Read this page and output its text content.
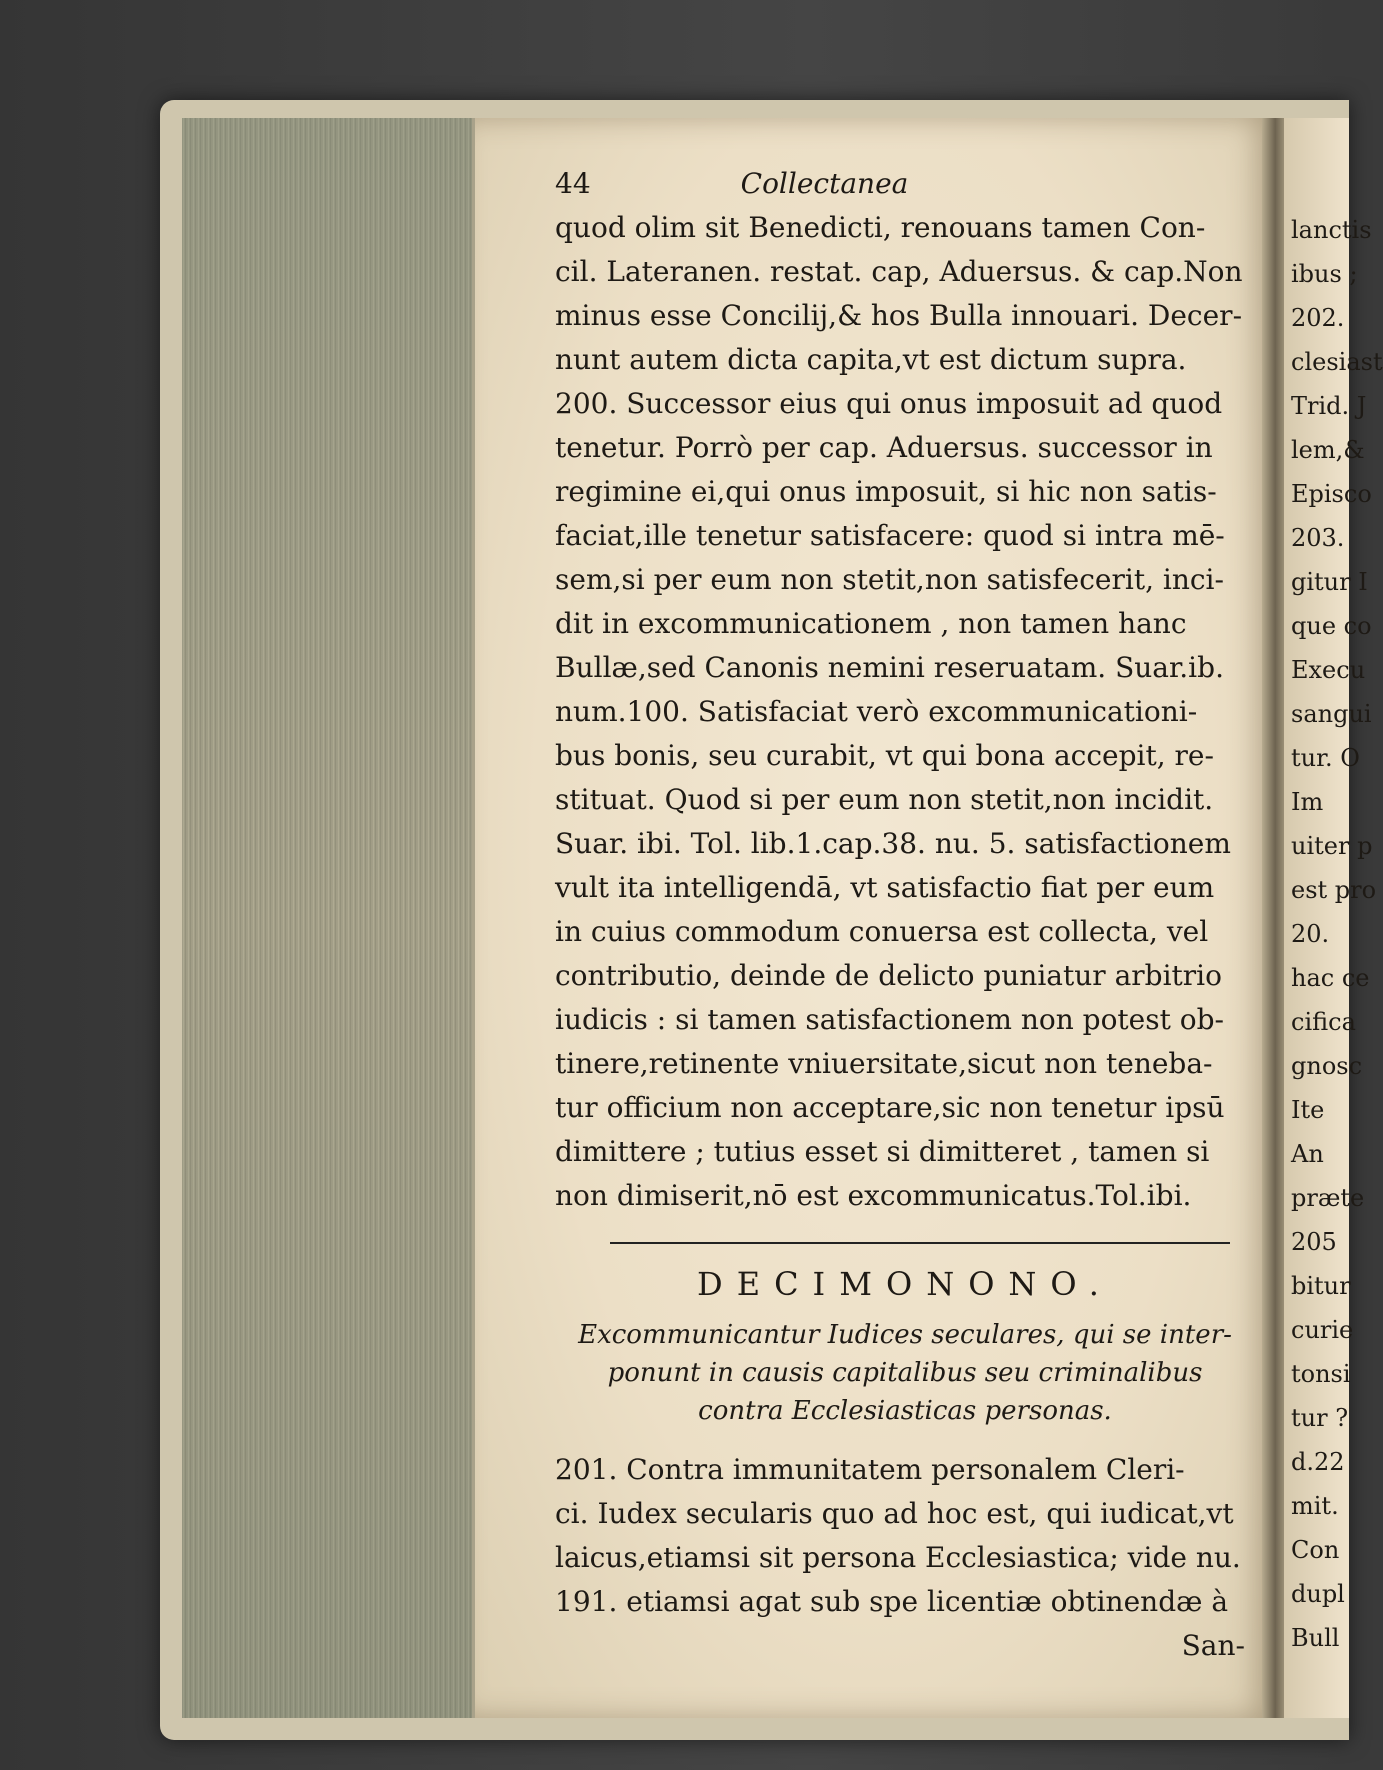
44	Collectanea
quod olim sit Benedicti, renouans tamen Con-
cil. Lateranen. restat. cap, Aduersus. & cap.Non
minus esse Concilij,& hos Bulla innouari. Decer-
nunt autem dicta capita,vt est dictum supra.
200. Successor eius qui onus imposuit ad quod
tenetur. Porrò per cap. Aduersus. successor in
regimine ei,qui onus imposuit, si hic non satis-
faciat,ille tenetur satisfacere: quod si intra mē-
sem,si per eum non stetit,non satisfecerit, inci-
dit in excommunicationem , non tamen hanc
Bullæ,sed Canonis nemini reseruatam. Suar.ib.
num.100. Satisfaciat verò excommunicationi-
bus bonis, seu curabit, vt qui bona accepit, re-
stituat. Quod si per eum non stetit,non incidit.
Suar. ibi. Tol. lib.1.cap.38. nu. 5. satisfactionem
vult ita intelligendā, vt satisfactio fiat per eum
in cuius commodum conuersa est collecta, vel
contributio, deinde de delicto puniatur arbitrio
iudicis : si tamen satisfactionem non potest ob-
tinere,retinente vniuersitate,sicut non teneba-
tur officium non acceptare,sic non tenetur ipsū
dimittere ; tutius esset si dimitteret , tamen si
non dimiserit,nō est excommunicatus.Tol.ibi.
DECIMONONO.
Excommunicantur Iudices seculares, qui se inter-
ponunt in causis capitalibus seu criminalibus
contra Ecclesiasticas personas.
201. Contra immunitatem personalem Cleri-
ci. Iudex secularis quo ad hoc est, qui iudicat,vt
laicus,etiamsi sit persona Ecclesiastica; vide nu.
191. etiamsi agat sub spe licentiæ obtinendæ à
San-
lanctis
ibus ;
202.
clesiast
Trid. J
lem,&
Episco
203.
gitur I
que co
Execu
sangui
tur. O
Im
uiter p
est pro
20.
hac ce
cifica
gnosc
Ite
An
præte
205
bitur
curie
tonsi
tur ?
d.22
mit.
Con
dupl
Bull
